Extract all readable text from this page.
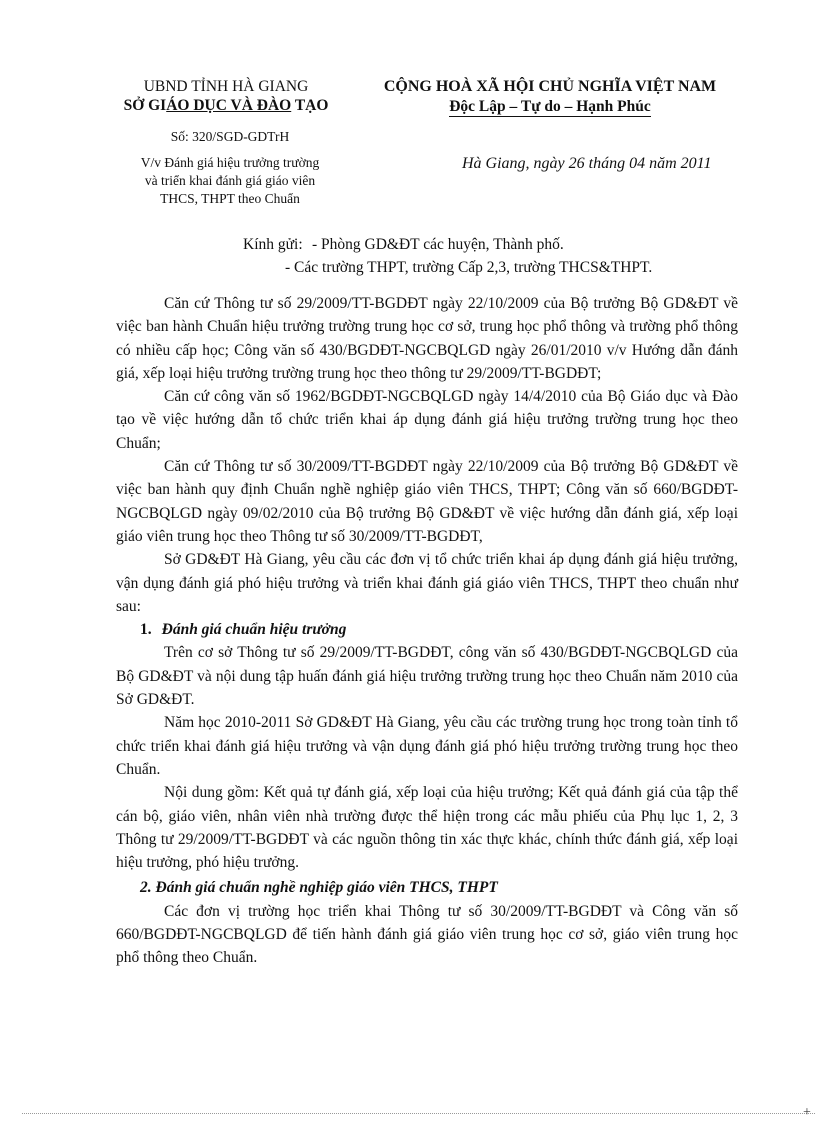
UBND TỈNH HÀ GIANG
SỞ GIÁO DỤC VÀ ĐÀO TẠO
Số: 320/SGD-GDTrH
V/v Đánh giá hiệu trưởng trường
và triển khai đánh giá giáo viên
THCS, THPT theo Chuẩn
CỘNG HOÀ XÃ HỘI CHỦ NGHĨA VIỆT NAM
Độc Lập – Tự do – Hạnh Phúc
Hà Giang, ngày 26 tháng 04 năm 2011
Kính gửi: - Phòng GD&ĐT các huyện, Thành phố.
- Các trường THPT, trường Cấp 2,3, trường THCS&THPT.

Căn cứ Thông tư số 29/2009/TT-BGDĐT ngày 22/10/2009 của Bộ trưởng Bộ GD&ĐT về việc ban hành Chuẩn hiệu trưởng trường trung học cơ sở, trung học phổ thông và trường phổ thông có nhiều cấp học; Công văn số 430/BGDĐT-NGCBQLGD ngày 26/01/2010 v/v Hướng dẫn đánh giá, xếp loại hiệu trưởng trường trung học theo thông tư 29/2009/TT-BGDĐT;

Căn cứ công văn số 1962/BGDĐT-NGCBQLGD ngày 14/4/2010 của Bộ Giáo dục và Đào tạo về việc hướng dẫn tổ chức triển khai áp dụng đánh giá hiệu trưởng trường trung học theo Chuẩn;

Căn cứ Thông tư số 30/2009/TT-BGDĐT ngày 22/10/2009 của Bộ trưởng Bộ GD&ĐT về việc ban hành quy định Chuẩn nghề nghiệp giáo viên THCS, THPT; Công văn số 660/BGDĐT-NGCBQLGD ngày 09/02/2010 của Bộ trưởng Bộ GD&ĐT về việc hướng dẫn đánh giá, xếp loại giáo viên trung học theo Thông tư số 30/2009/TT-BGDĐT,

Sở GD&ĐT Hà Giang, yêu cầu các đơn vị tổ chức triển khai áp dụng đánh giá hiệu trưởng, vận dụng đánh giá phó hiệu trưởng và triển khai đánh giá giáo viên THCS, THPT theo chuẩn như sau:

1. Đánh giá chuẩn hiệu trưởng

Trên cơ sở Thông tư số 29/2009/TT-BGDĐT, công văn số 430/BGDĐT-NGCBQLGD của Bộ GD&ĐT và nội dung tập huấn đánh giá hiệu trưởng trường trung học theo Chuẩn năm 2010 của Sở GD&ĐT.

Năm học 2010-2011 Sở GD&ĐT Hà Giang, yêu cầu các trường trung học trong toàn tỉnh tổ chức triển khai đánh giá hiệu trưởng và vận dụng đánh giá phó hiệu trưởng trường trung học theo Chuẩn.

Nội dung gồm: Kết quả tự đánh giá, xếp loại của hiệu trưởng; Kết quả đánh giá của tập thể cán bộ, giáo viên, nhân viên nhà trường được thể hiện trong các mẫu phiếu của Phụ lục 1, 2, 3 Thông tư 29/2009/TT-BGDĐT và các nguồn thông tin xác thực khác, chính thức đánh giá, xếp loại hiệu trưởng, phó hiệu trưởng.

2. Đánh giá chuẩn nghề nghiệp giáo viên THCS, THPT

Các đơn vị trường học triển khai Thông tư số 30/2009/TT-BGDĐT và Công văn số 660/BGDĐT-NGCBQLGD để tiến hành đánh giá giáo viên trung học cơ sở, giáo viên trung học phổ thông theo Chuẩn.

+
